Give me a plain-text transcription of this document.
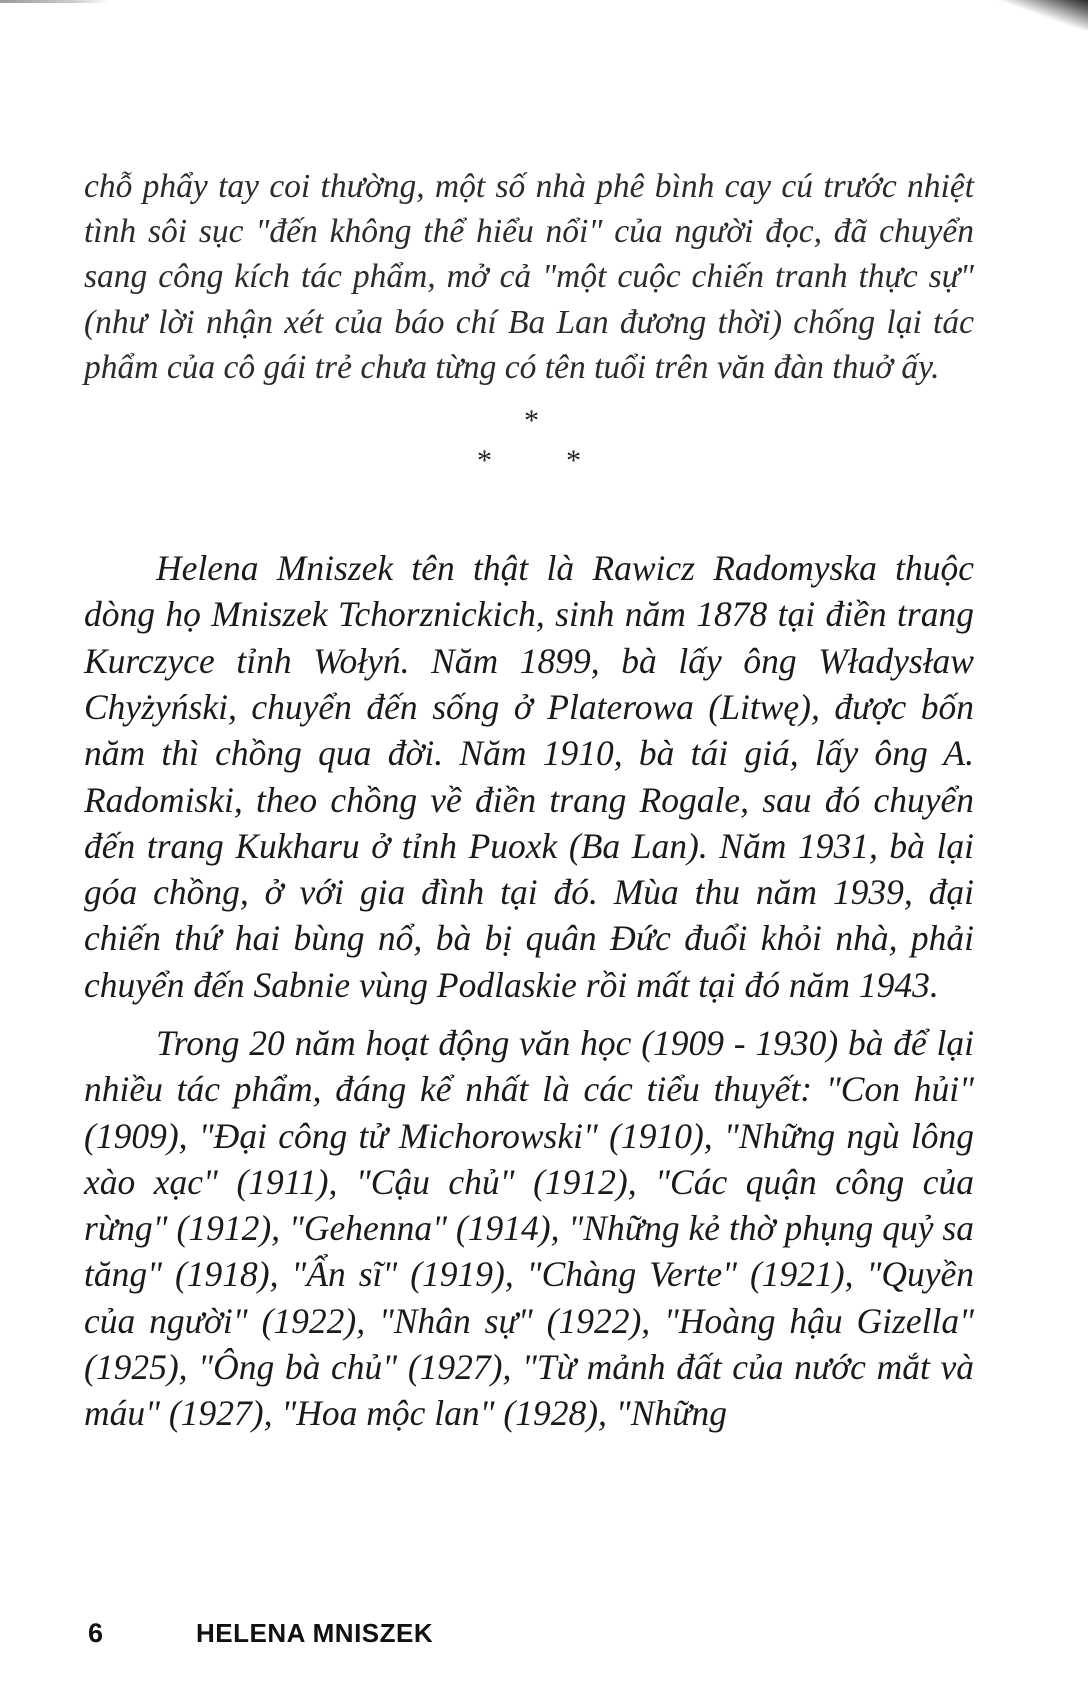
chỗ phẩy tay coi thường, một số nhà phê bình cay cú trước nhiệt tình sôi sục "đến không thể hiểu nổi" của người đọc, đã chuyển sang công kích tác phẩm, mở cả "một cuộc chiến tranh thực sự" (như lời nhận xét của báo chí Ba Lan đương thời) chống lại tác phẩm của cô gái trẻ chưa từng có tên tuổi trên văn đàn thuở ấy.

*
* *

Helena Mniszek tên thật là Rawicz Radomyska thuộc dòng họ Mniszek Tchorznickich, sinh năm 1878 tại điền trang Kurczyce tỉnh Wołyń. Năm 1899, bà lấy ông Władysław Chyżyński, chuyển đến sống ở Platerowa (Litwę), được bốn năm thì chồng qua đời. Năm 1910, bà tái giá, lấy ông A. Radomiski, theo chồng về điền trang Rogale, sau đó chuyển đến trang Kukharu ở tỉnh Puoxk (Ba Lan). Năm 1931, bà lại góa chồng, ở với gia đình tại đó. Mùa thu năm 1939, đại chiến thứ hai bùng nổ, bà bị quân Đức đuổi khỏi nhà, phải chuyển đến Sabnie vùng Podlaskie rồi mất tại đó năm 1943.

Trong 20 năm hoạt động văn học (1909 - 1930) bà để lại nhiều tác phẩm, đáng kể nhất là các tiểu thuyết: "Con hủi" (1909), "Đại công tử Michorowski" (1910), "Những ngù lông xào xạc" (1911), "Cậu chủ" (1912), "Các quận công của rừng" (1912), "Gehenna" (1914), "Những kẻ thờ phụng quỷ sa tăng" (1918), "Ẩn sĩ" (1919), "Chàng Verte" (1921), "Quyền của người" (1922), "Nhân sự" (1922), "Hoàng hậu Gizella" (1925), "Ông bà chủ" (1927), "Từ mảnh đất của nước mắt và máu" (1927), "Hoa mộc lan" (1928), "Những

6	HELENA MNISZEK
